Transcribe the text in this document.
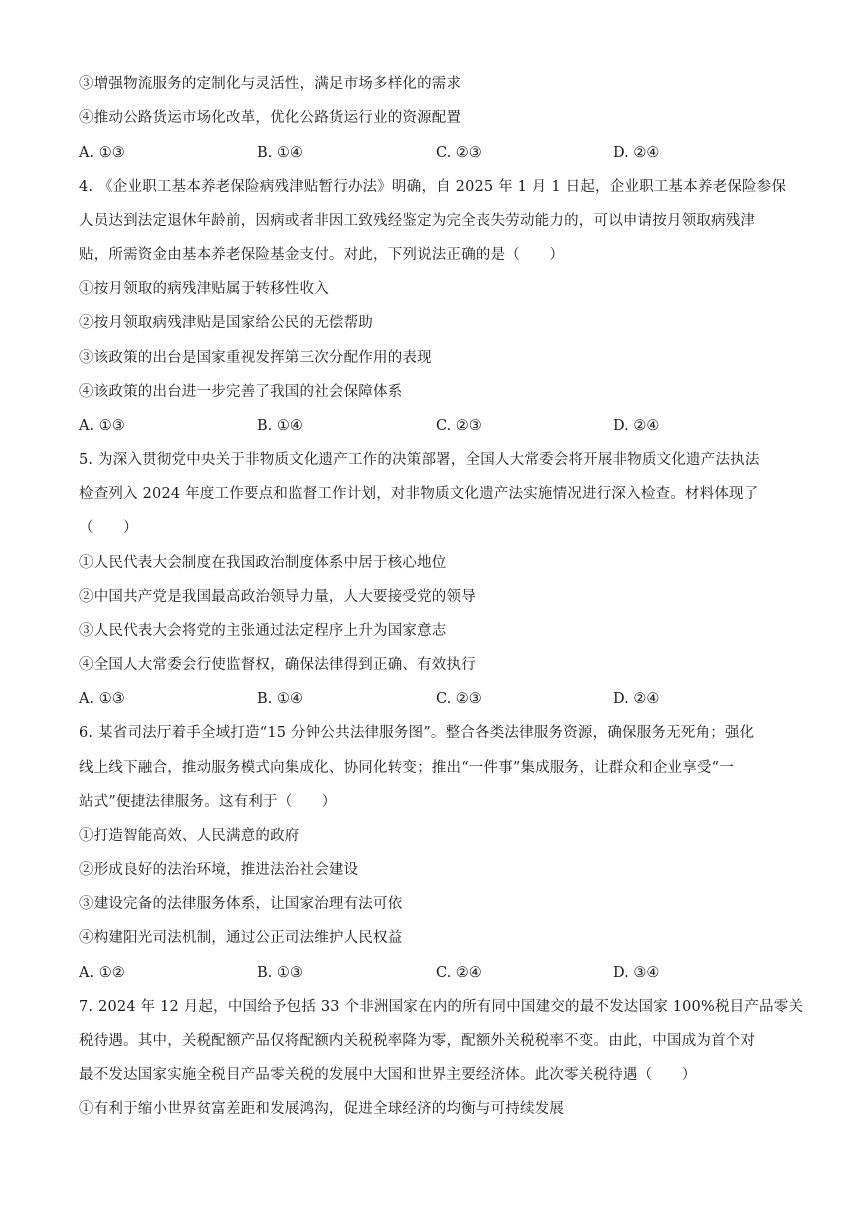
③增强物流服务的定制化与灵活性，满足市场多样化的需求
④推动公路货运市场化改革，优化公路货运行业的资源配置
A. ①③	B. ①④	C. ②③	D. ②④
4. 《企业职工基本养老保险病残津贴暂行办法》明确，自 2025 年 1 月 1 日起，企业职工基本养老保险参保
人员达到法定退休年龄前，因病或者非因工致残经鉴定为完全丧失劳动能力的，可以申请按月领取病残津
贴，所需资金由基本养老保险基金支付。对此，下列说法正确的是（　　）
①按月领取的病残津贴属于转移性收入
②按月领取病残津贴是国家给公民的无偿帮助
③该政策的出台是国家重视发挥第三次分配作用的表现
④该政策的出台进一步完善了我国的社会保障体系
A. ①③	B. ①④	C. ②③	D. ②④
5. 为深入贯彻党中央关于非物质文化遗产工作的决策部署，全国人大常委会将开展非物质文化遗产法执法
检查列入 2024 年度工作要点和监督工作计划，对非物质文化遗产法实施情况进行深入检查。材料体现了
（　　）
①人民代表大会制度在我国政治制度体系中居于核心地位
②中国共产党是我国最高政治领导力量，人大要接受党的领导
③人民代表大会将党的主张通过法定程序上升为国家意志
④全国人大常委会行使监督权，确保法律得到正确、有效执行
A. ①③	B. ①④	C. ②③	D. ②④
6. 某省司法厅着手全域打造“15 分钟公共法律服务图”。整合各类法律服务资源，确保服务无死角；强化
线上线下融合，推动服务模式向集成化、协同化转变；推出“一件事”集成服务，让群众和企业享受“一
站式”便捷法律服务。这有利于（　　）
①打造智能高效、人民满意的政府
②形成良好的法治环境，推进法治社会建设
③建设完备的法律服务体系，让国家治理有法可依
④构建阳光司法机制，通过公正司法维护人民权益
A. ①②	B. ①③	C. ②④	D. ③④
7. 2024 年 12 月起，中国给予包括 33 个非洲国家在内的所有同中国建交的最不发达国家 100%税目产品零关
税待遇。其中，关税配额产品仅将配额内关税税率降为零，配额外关税税率不变。由此，中国成为首个对
最不发达国家实施全税目产品零关税的发展中大国和世界主要经济体。此次零关税待遇（　　）
①有利于缩小世界贫富差距和发展鸿沟，促进全球经济的均衡与可持续发展
